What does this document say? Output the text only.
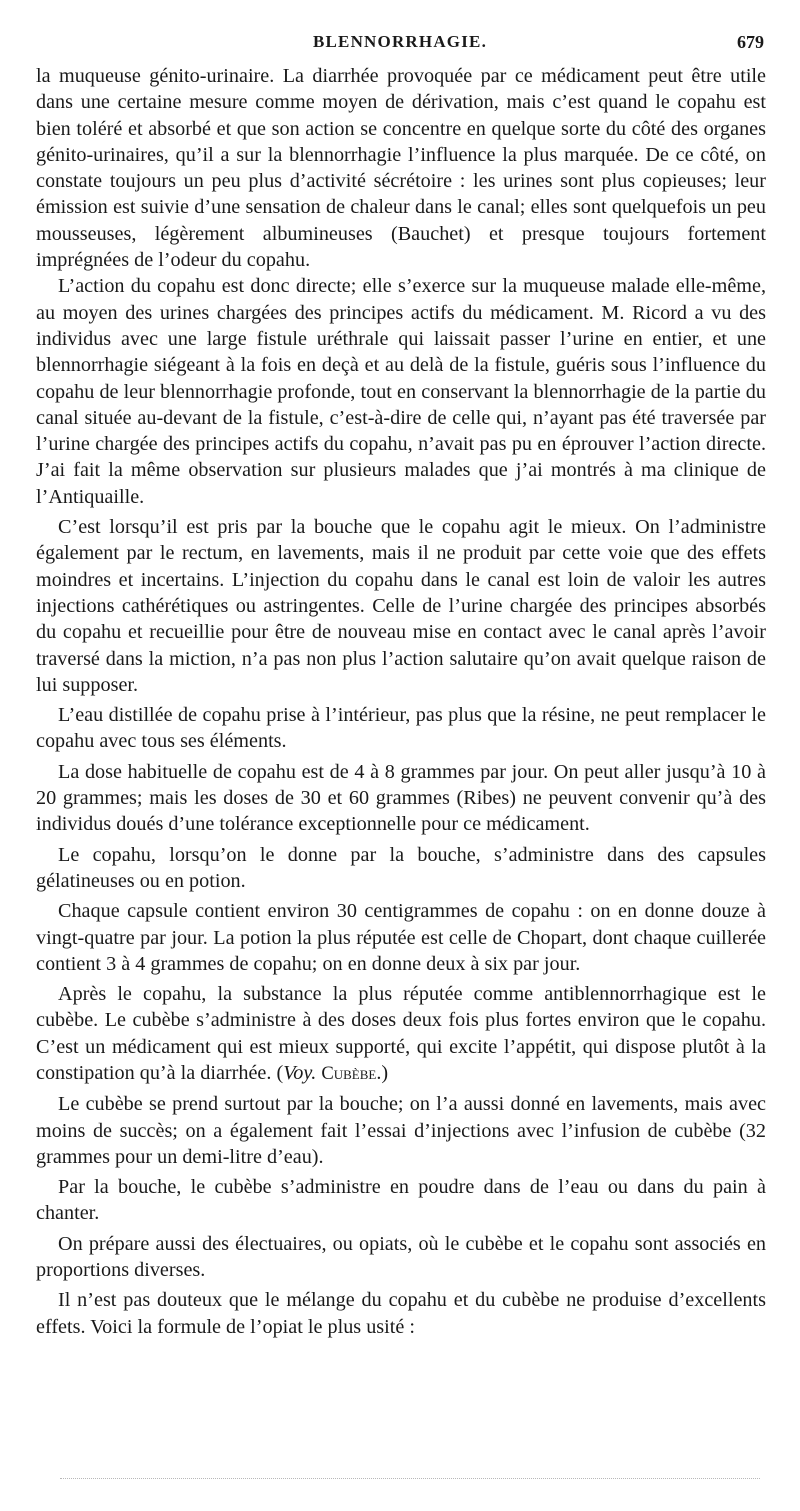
BLENNORRHAGIE.	679

la muqueuse génito-urinaire. La diarrhée provoquée par ce médicament peut être utile dans une certaine mesure comme moyen de dérivation, mais c’est quand le copahu est bien toléré et absorbé et que son action se concentre en quelque sorte du côté des organes génito-urinaires, qu’il a sur la blennorrhagie l’influence la plus marquée. De ce côté, on constate toujours un peu plus d’activité sécrétoire : les urines sont plus copieuses; leur émission est suivie d’une sensation de chaleur dans le canal; elles sont quelquefois un peu mousseuses, légèrement albumineuses (Bauchet) et presque toujours fortement imprégnées de l’odeur du copahu.

L’action du copahu est donc directe; elle s’exerce sur la muqueuse malade elle-même, au moyen des urines chargées des principes actifs du médicament. M. Ricord a vu des individus avec une large fistule uréthrale qui laissait passer l’urine en entier, et une blennorrhagie siégeant à la fois en deçà et au delà de la fistule, guéris sous l’influence du copahu de leur blennorrhagie profonde, tout en conservant la blennorrhagie de la partie du canal située au-devant de la fistule, c’est-à-dire de celle qui, n’ayant pas été traversée par l’urine chargée des principes actifs du copahu, n’avait pas pu en éprouver l’action directe. J’ai fait la même observation sur plusieurs malades que j’ai montrés à ma clinique de l’Antiquaille.

C’est lorsqu’il est pris par la bouche que le copahu agit le mieux. On l’administre également par le rectum, en lavements, mais il ne produit par cette voie que des effets moindres et incertains. L’injection du copahu dans le canal est loin de valoir les autres injections cathérétiques ou astringentes. Celle de l’urine chargée des principes absorbés du copahu et recueillie pour être de nouveau mise en contact avec le canal après l’avoir traversé dans la miction, n’a pas non plus l’action salutaire qu’on avait quelque raison de lui supposer.

L’eau distillée de copahu prise à l’intérieur, pas plus que la résine, ne peut remplacer le copahu avec tous ses éléments.

La dose habituelle de copahu est de 4 à 8 grammes par jour. On peut aller jusqu’à 10 à 20 grammes; mais les doses de 30 et 60 grammes (Ribes) ne peuvent convenir qu’à des individus doués d’une tolérance exceptionnelle pour ce médicament.

Le copahu, lorsqu’on le donne par la bouche, s’administre dans des capsules gélatineuses ou en potion.

Chaque capsule contient environ 30 centigrammes de copahu : on en donne douze à vingt-quatre par jour. La potion la plus réputée est celle de Chopart, dont chaque cuillerée contient 3 à 4 grammes de copahu; on en donne deux à six par jour.

Après le copahu, la substance la plus réputée comme antiblennorrhagique est le cubèbe. Le cubèbe s’administre à des doses deux fois plus fortes environ que le copahu. C’est un médicament qui est mieux supporté, qui excite l’appétit, qui dispose plutôt à la constipation qu’à la diarrhée. (Voy. Cubèbe.)

Le cubèbe se prend surtout par la bouche; on l’a aussi donné en lavements, mais avec moins de succès; on a également fait l’essai d’injections avec l’infusion de cubèbe (32 grammes pour un demi-litre d’eau).

Par la bouche, le cubèbe s’administre en poudre dans de l’eau ou dans du pain à chanter.

On prépare aussi des électuaires, ou opiats, où le cubèbe et le copahu sont associés en proportions diverses.

Il n’est pas douteux que le mélange du copahu et du cubèbe ne produise d’excellents effets. Voici la formule de l’opiat le plus usité :
